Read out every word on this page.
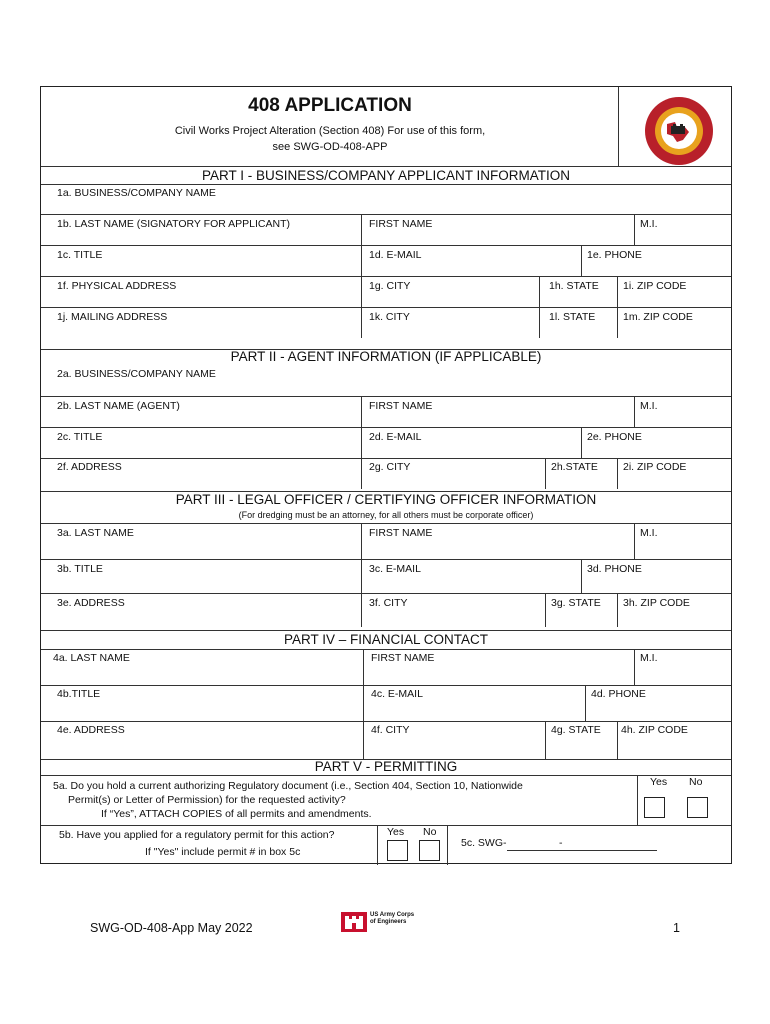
408 APPLICATION
Civil Works Project Alteration (Section 408) For use of this form,
see SWG-OD-408-APP
PART I - BUSINESS/COMPANY APPLICANT INFORMATION
1a. BUSINESS/COMPANY NAME
1b. LAST NAME (SIGNATORY FOR APPLICANT)	FIRST NAME	M.I.
1c. TITLE	1d. E-MAIL	1e. PHONE
1f. PHYSICAL ADDRESS	1g. CITY	1h. STATE 1i. ZIP CODE
1j. MAILING ADDRESS	1k. CITY	1l. STATE	1m. ZIP CODE
PART II - AGENT INFORMATION (IF APPLICABLE)
2a. BUSINESS/COMPANY NAME
2b. LAST NAME (AGENT)	FIRST NAME	M.I.
2c. TITLE	2d. E-MAIL	2e. PHONE
2f. ADDRESS	2g. CITY	2h.STATE 2i. ZIP CODE
PART III - LEGAL OFFICER / CERTIFYING OFFICER INFORMATION
(For dredging must be an attorney, for all others must be corporate officer)
3a. LAST NAME	FIRST NAME	M.I.
3b. TITLE	3c. E-MAIL	3d. PHONE
3e. ADDRESS	3f. CITY	3g. STATE 3h. ZIP CODE
PART IV – FINANCIAL CONTACT
4a. LAST NAME	FIRST NAME	M.I.
4b.TITLE	4c. E-MAIL	4d. PHONE
4e. ADDRESS	4f. CITY	4g. STATE 4h. ZIP CODE
PART V - PERMITTING
5a. Do you hold a current authorizing Regulatory document (i.e., Section 404, Section 10, Nationwide
Permit(s) or Letter of Permission) for the requested activity?
If “Yes”, ATTACH COPIES of all permits and amendments.
Yes No
5b. Have you applied for a regulatory permit for this action?
If "Yes" include permit # in box 5c
Yes No
5c. SWG-	-
SWG-OD-408-App May 2022
US Army Corps
of Engineers	1
